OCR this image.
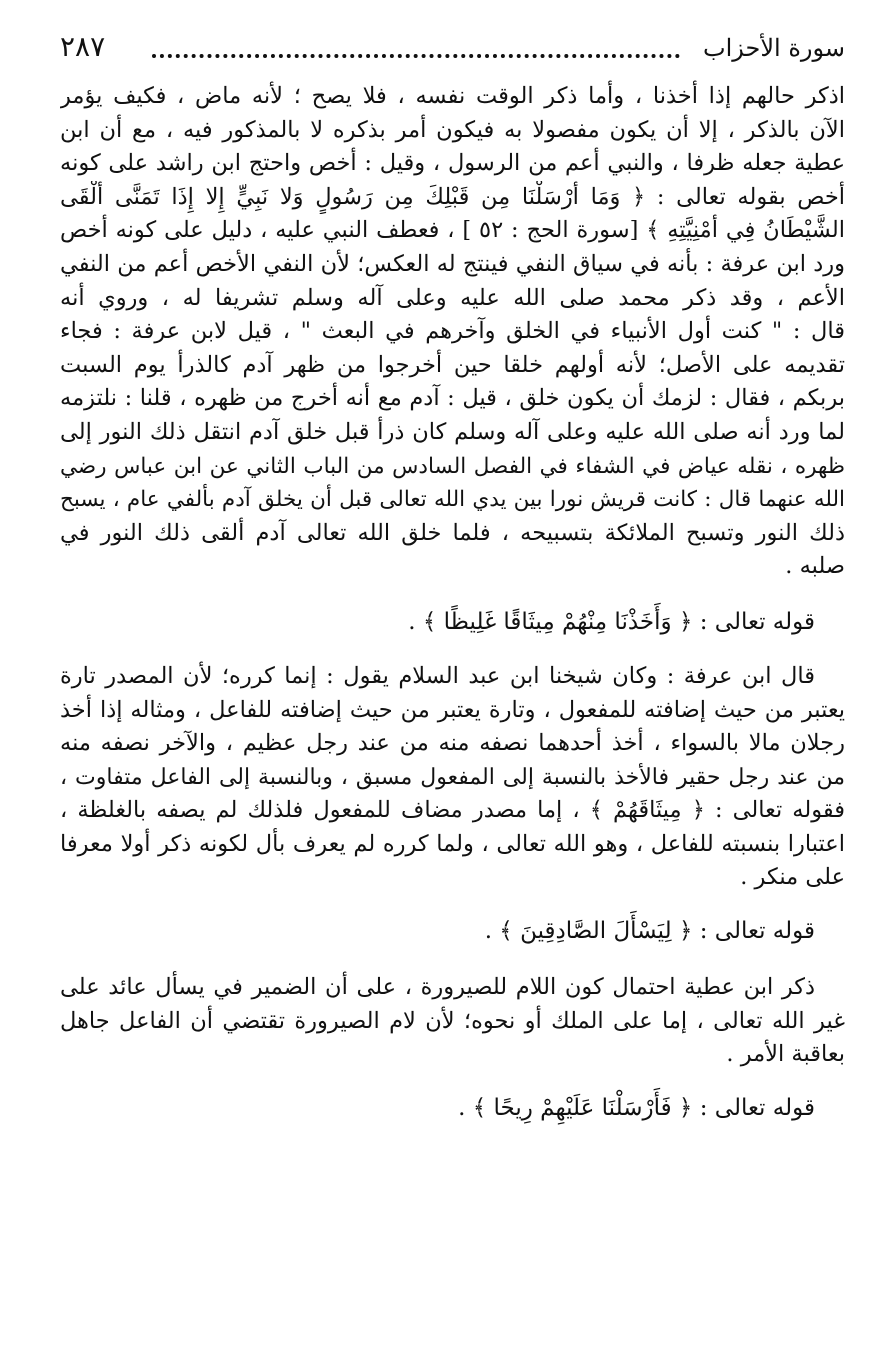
سورة الأحزاب
٢٨٧
اذكر حالهم إذا أخذنا ، وأما ذكر الوقت نفسه ، فلا يصح ؛ لأنه ماض ، فكيف يؤمر
الآن بالذكر ، إلا أن يكون مفصولا به فيكون أمر بذكره لا بالمذكور فيه ، مع أن ابن
عطية جعله ظرفا ، والنبي أعم من الرسول ، وقيل : أخص واحتج ابن راشد على كونه
أخص بقوله تعالى : ﴿ وَمَا أَرْسَلْنَا مِن قَبْلِكَ مِن رَسُولٍ وَلا نَبِيٍّ إِلا إِذَا تَمَنَّى أَلْقَى
الشَّيْطَانُ فِي أُمْنِيَّتِهِ ﴾ [سورة الحج : ٥٢ ] ، فعطف النبي عليه ، دليل على كونه أخص
ورد ابن عرفة : بأنه في سياق النفي فينتج له العكس؛ لأن النفي الأخص أعم من النفي
الأعم ، وقد ذكر محمد صلى الله عليه وعلى آله وسلم تشريفا له ، وروي أنه
قال : " كنت أول الأنبياء في الخلق وآخرهم في البعث " ، قيل لابن عرفة : فجاء
تقديمه على الأصل؛ لأنه أولهم خلقا حين أخرجوا من ظهر آدم كالذرأ يوم السبت
بربكم ، فقال : لزمك أن يكون خلق ، قيل : آدم مع أنه أخرج من ظهره ، قلنا : نلتزمه
لما ورد أنه صلى الله عليه وعلى آله وسلم كان ذرأ قبل خلق آدم انتقل ذلك النور إلى
ظهره ، نقله عياض في الشفاء في الفصل السادس من الباب الثاني عن ابن عباس رضي
الله عنهما قال : كانت قريش نورا بين يدي الله تعالى قبل أن يخلق آدم بألفي عام ، يسبح
ذلك النور وتسبح الملائكة بتسبيحه ، فلما خلق الله تعالى آدم ألقى ذلك النور في
صلبه .
قوله تعالى : ﴿ وَأَخَذْنَا مِنْهُمْ مِيثَاقًا غَلِيظًا ﴾ .
قال ابن عرفة : وكان شيخنا ابن عبد السلام يقول : إنما كرره؛ لأن المصدر تارة
يعتبر من حيث إضافته للمفعول ، وتارة يعتبر من حيث إضافته للفاعل ، ومثاله إذا أخذ
رجلان مالا بالسواء ، أخذ أحدهما نصفه منه من عند رجل عظيم ، والآخر نصفه منه
من عند رجل حقير فالأخذ بالنسبة إلى المفعول مسبق ، وبالنسبة إلى الفاعل متفاوت ،
فقوله تعالى : ﴿ مِيثَاقَهُمْ ﴾ ، إما مصدر مضاف للمفعول فلذلك لم يصفه بالغلظة ،
اعتبارا بنسبته للفاعل ، وهو الله تعالى ، ولما كرره لم يعرف بأل لكونه ذكر أولا معرفا
على منكر .
قوله تعالى : ﴿ لِيَسْأَلَ الصَّادِقِينَ ﴾ .
ذكر ابن عطية احتمال كون اللام للصيرورة ، على أن الضمير في يسأل عائد على
غير الله تعالى ، إما على الملك أو نحوه؛ لأن لام الصيرورة تقتضي أن الفاعل جاهل
بعاقبة الأمر .
قوله تعالى : ﴿ فَأَرْسَلْنَا عَلَيْهِمْ رِيحًا ﴾ .
